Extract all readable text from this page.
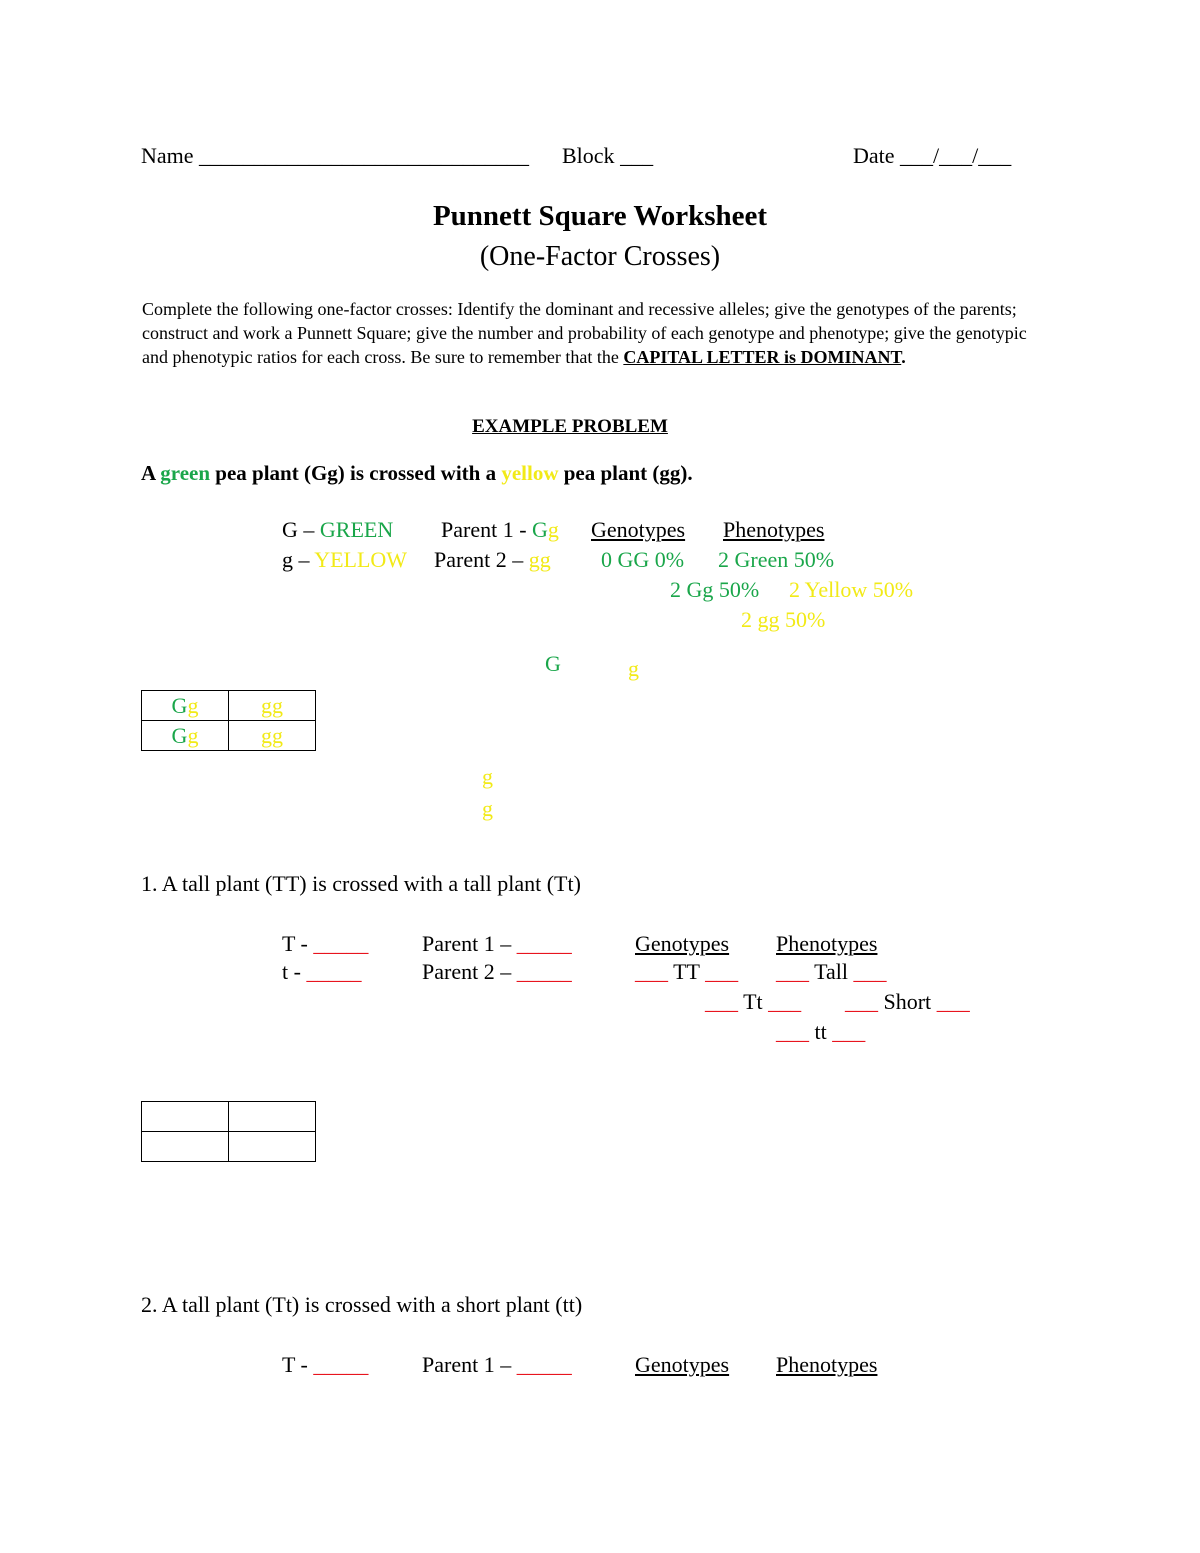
Name ______________________________ Block ___	Date ___/___/___
Punnett Square Worksheet
(One-Factor Crosses)
Complete the following one-factor crosses: Identify the dominant and recessive alleles; give the genotypes of the parents; construct and work a Punnett Square; give the number and probability of each genotype and phenotype; give the genotypic and phenotypic ratios for each cross. Be sure to remember that the CAPITAL LETTER is DOMINANT.
EXAMPLE PROBLEM
A green pea plant (Gg) is crossed with a yellow pea plant (gg).
G – GREEN
g – YELLOW
Parent 1 - Gg
Parent 2 – gg
Genotypes Phenotypes
0 GG 0% 2 Green 50%
2 Gg 50% 2 Yellow 50%
2 gg 50%
G	g
Gg	gg
Gg	gg
g
g
1. A tall plant (TT) is crossed with a tall plant (Tt)
T - _____
t - _____
Parent 1 – _____
Parent 2 – _____
Genotypes Phenotypes
___ TT ___ ___ Tall ___
___ Tt ___ ___ Short ___
___ tt ___

2. A tall plant (Tt) is crossed with a short plant (tt)
T - _____ Parent 1 – _____	Genotypes Phenotypes
